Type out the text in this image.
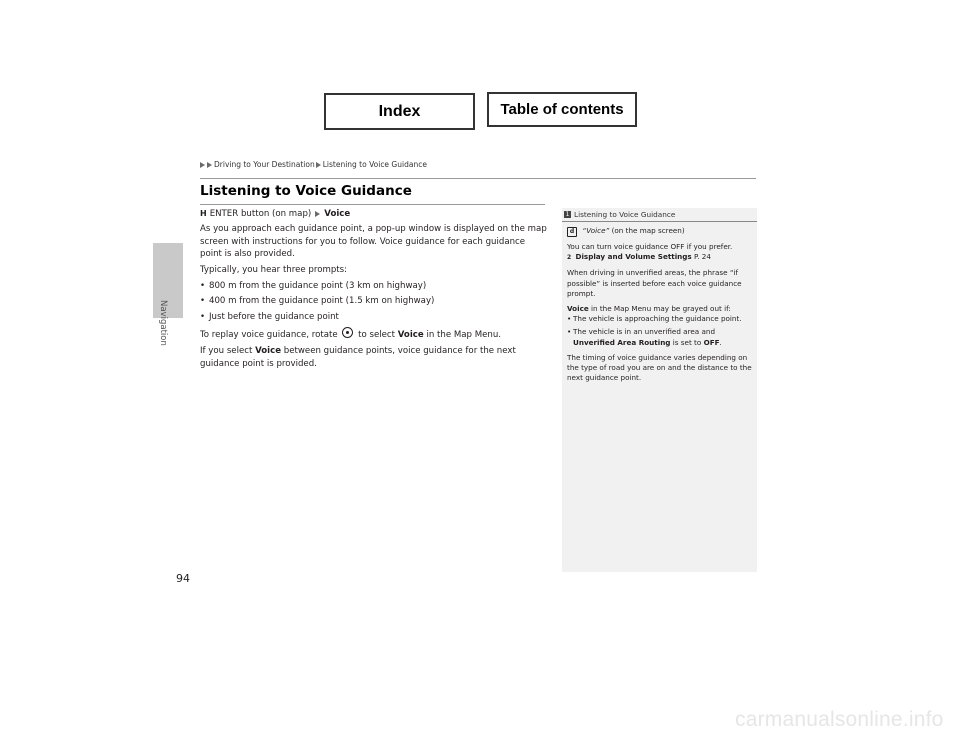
Index	Table of contents
Navigation
Driving to Your Destination Listening to Voice Guidance
Listening to Voice Guidance
H ENTER button (on map) Voice

As you approach each guidance point, a pop-up window is displayed on the map screen with instructions for you to follow. Voice guidance for each guidance point is also provided.

Typically, you hear three prompts:

• 800 m from the guidance point (3 km on highway)
• 400 m from the guidance point (1.5 km on highway)
• Just before the guidance point

To replay voice guidance, rotate to select Voice in the Map Menu.

If you select Voice between guidance points, voice guidance for the next guidance point is provided.

1 Listening to Voice Guidance

d “Voice” (on the map screen)

You can turn voice guidance OFF if you prefer.
2 Display and Volume Settings P. 24

When driving in unverified areas, the phrase “if possible” is inserted before each voice guidance prompt.

Voice in the Map Menu may be grayed out if:

• The vehicle is approaching the guidance point.
• The vehicle is in an unverified area and Unverified Area Routing is set to OFF.

The timing of voice guidance varies depending on the type of road you are on and the distance to the next guidance point.

94
carmanualsonline.info
